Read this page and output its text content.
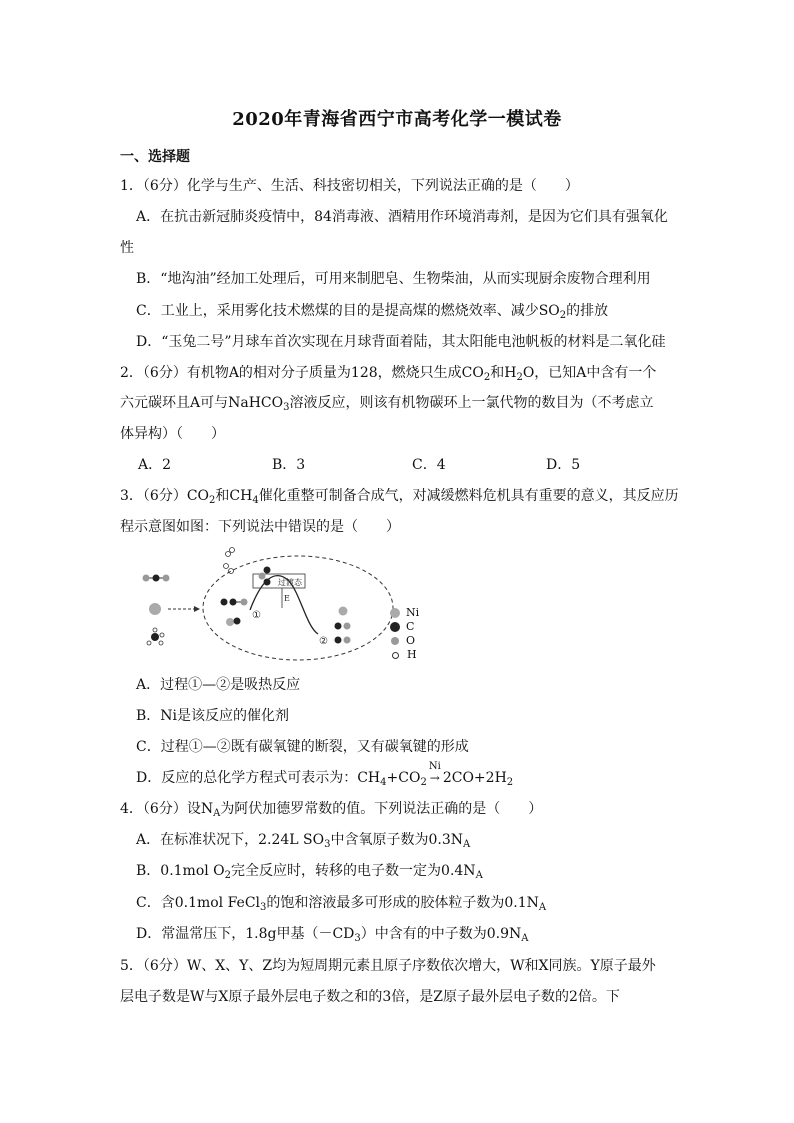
2020年青海省西宁市高考化学一模试卷
一、选择题
1．（6分）化学与生产、生活、科技密切相关，下列说法正确的是（　　）
A．在抗击新冠肺炎疫情中，84消毒液、酒精用作环境消毒剂，是因为它们具有强氧化
性
B．“地沟油”经加工处理后，可用来制肥皂、生物柴油，从而实现厨余废物合理利用
C．工业上，采用雾化技术燃煤的目的是提高煤的燃烧效率、减少$SO_2$的排放
D．“玉兔二号”月球车首次实现在月球背面着陆，其太阳能电池帆板的材料是二氧化硅
2．（6分）有机物A的相对分子质量为128，燃烧只生成$CO_2$和$H_2O$，已知A中含有一个
六元碳环且A可与NaHCO$_3$溶液反应，则该有机物碳环上一氯代物的数目为（不考虑立
体异构）（　　）
A．2	B．3	C．4	D．5
3．（6分）$CO_2$和$CH_4$催化重整可制备合成气，对减缓燃料危机具有重要的意义，其反应历
程示意图如图：下列说法中错误的是（　　）
过渡态
E
①
②
Ni
C
O
H
A．过程①—②是吸热反应
B．Ni是该反应的催化剂
C．过程①—②既有碳氧键的断裂，又有碳氧键的形成
D．反应的总化学方程式可表示为：$CH_4+CO_2$
Ni
→ $2CO+2H_2$
4．（6分）设$N_A$为阿伏加德罗常数的值。下列说法正确的是（　　）
A．在标准状况下，2.24L $SO_3$中含氧原子数为$0.3N_A$
B．0.1mol $O_2$完全反应时，转移的电子数一定为$0.4N_A$
C．含0.1mol FeCl$_3$的饱和溶液最多可形成的胶体粒子数为$0.1N_A$
D．常温常压下，1.8g甲基$(-CD_3)$中含有的中子数为$0.9N_A$
5．（6分）W、X、Y、Z均为短周期元素且原子序数依次增大，W和X同族。Y原子最外
层电子数是W与X原子最外层电子数之和的3倍，是Z原子最外层电子数的2倍。下
